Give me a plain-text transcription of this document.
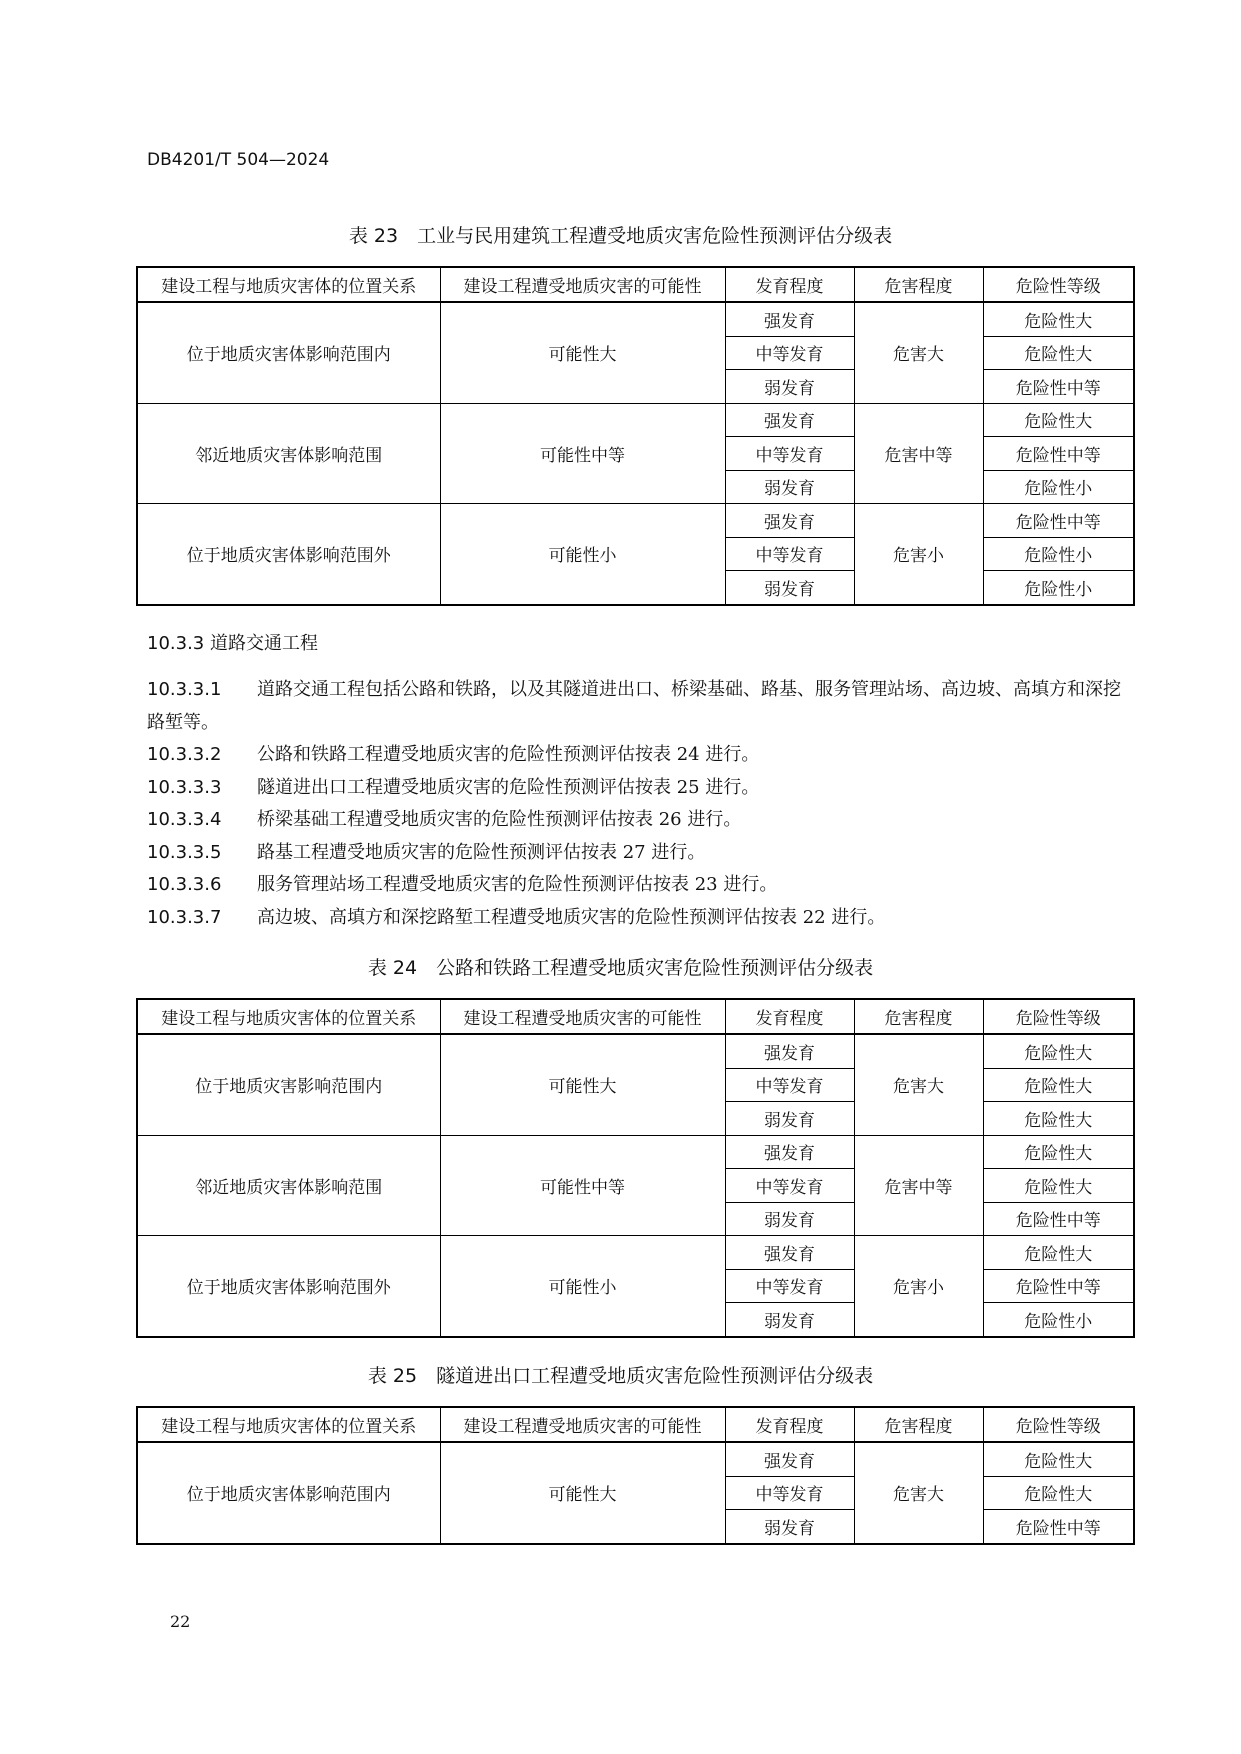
DB4201/T 504—2024
表 23　工业与民用建筑工程遭受地质灾害危险性预测评估分级表
建设工程与地质灾害体的位置关系	建设工程遭受地质灾害的可能性	发育程度	危害程度	危险性等级
位于地质灾害体影响范围内	可能性大	强发育	危害大	危险性大
		中等发育		危险性大
		弱发育		危险性中等
邻近地质灾害体影响范围	可能性中等	强发育	危害中等	危险性大
		中等发育		危险性中等
		弱发育		危险性小
位于地质灾害体影响范围外	可能性小	强发育	危害小	危险性中等
		中等发育		危险性小
		弱发育		危险性小
10.3.3 道路交通工程
10.3.3.1 道路交通工程包括公路和铁路，以及其隧道进出口、桥梁基础、路基、服务管理站场、高边坡、高填方和深挖路堑等。
10.3.3.2 公路和铁路工程遭受地质灾害的危险性预测评估按表 24 进行。
10.3.3.3 隧道进出口工程遭受地质灾害的危险性预测评估按表 25 进行。
10.3.3.4 桥梁基础工程遭受地质灾害的危险性预测评估按表 26 进行。
10.3.3.5 路基工程遭受地质灾害的危险性预测评估按表 27 进行。
10.3.3.6 服务管理站场工程遭受地质灾害的危险性预测评估按表 23 进行。
10.3.3.7 高边坡、高填方和深挖路堑工程遭受地质灾害的危险性预测评估按表 22 进行。
表 24　公路和铁路工程遭受地质灾害危险性预测评估分级表
建设工程与地质灾害体的位置关系	建设工程遭受地质灾害的可能性	发育程度	危害程度	危险性等级
位于地质灾害影响范围内	可能性大	强发育	危害大	危险性大
		中等发育		危险性大
		弱发育		危险性大
邻近地质灾害体影响范围	可能性中等	强发育	危害中等	危险性大
		中等发育		危险性大
		弱发育		危险性中等
位于地质灾害体影响范围外	可能性小	强发育	危害小	危险性大
		中等发育		危险性中等
		弱发育		危险性小
表 25　隧道进出口工程遭受地质灾害危险性预测评估分级表
建设工程与地质灾害体的位置关系	建设工程遭受地质灾害的可能性	发育程度	危害程度	危险性等级
位于地质灾害体影响范围内	可能性大	强发育	危害大	危险性大
		中等发育		危险性大
		弱发育		危险性中等
22
